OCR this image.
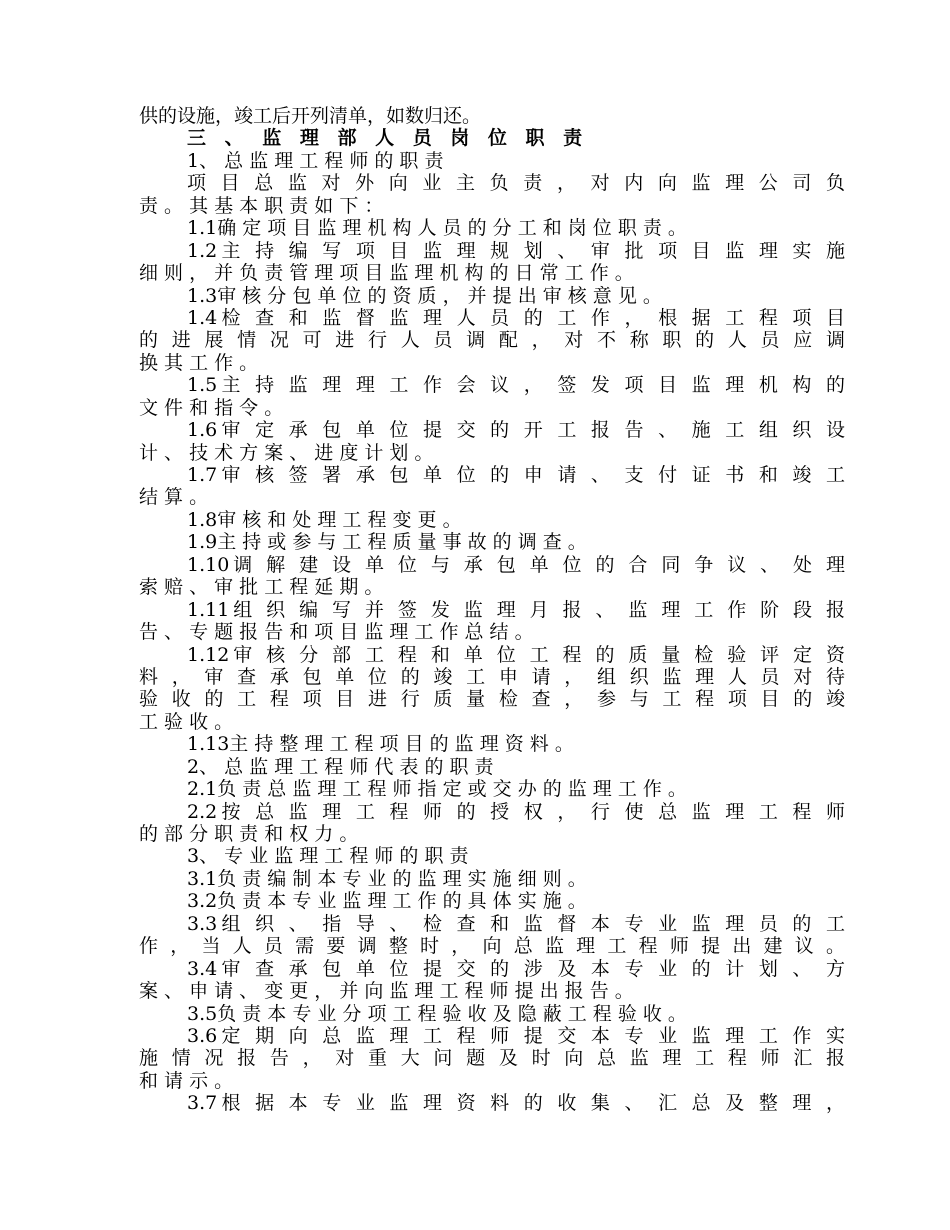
供的设施，竣工后开列清单，如数归还。
三 、 监 理 部 人 员 岗 位 职 责
1、 总 监 理 工 程 师 的 职 责
项 目 总 监 对 外 向 业 主 负 责 ， 对 内 向 监 理 公 司 负
责 。 其 基 本 职 责 如 下 ：
1.1确 定 项 目 监 理 机 构 人 员 的 分 工 和 岗 位 职 责 。
1.2主 持 编 写 项 目 监 理 规 划 、 审 批 项 目 监 理 实 施
细 则 ， 并 负 责 管 理 项 目 监 理 机 构 的 日 常 工 作 。
1.3审 核 分 包 单 位 的 资 质 ， 并 提 出 审 核 意 见 。
1.4检 查 和 监 督 监 理 人 员 的 工 作 ， 根 据 工 程 项 目
的 进 展 情 况 可 进 行 人 员 调 配 ， 对 不 称 职 的 人 员 应 调
换 其 工 作 。
1.5主 持 监 理 理 工 作 会 议 ， 签 发 项 目 监 理 机 构 的
文 件 和 指 令 。
1.6审 定 承 包 单 位 提 交 的 开 工 报 告 、 施 工 组 织 设
计 、 技 术 方 案 、 进 度 计 划 。
1.7审 核 签 署 承 包 单 位 的 申 请 、 支 付 证 书 和 竣 工
结 算 。
1.8审 核 和 处 理 工 程 变 更 。
1.9主 持 或 参 与 工 程 质 量 事 故 的 调 查 。
1.10调 解 建 设 单 位 与 承 包 单 位 的 合 同 争 议 、 处 理
索 赔 、 审 批 工 程 延 期 。
1.11组 织 编 写 并 签 发 监 理 月 报 、 监 理 工 作 阶 段 报
告 、 专 题 报 告 和 项 目 监 理 工 作 总 结 。
1.12审 核 分 部 工 程 和 单 位 工 程 的 质 量 检 验 评 定 资
料 ， 审 查 承 包 单 位 的 竣 工 申 请 ， 组 织 监 理 人 员 对 待
验 收 的 工 程 项 目 进 行 质 量 检 查 ， 参 与 工 程 项 目 的 竣
工 验 收 。
1.13主 持 整 理 工 程 项 目 的 监 理 资 料 。
2、 总 监 理 工 程 师 代 表 的 职 责
2.1负 责 总 监 理 工 程 师 指 定 或 交 办 的 监 理 工 作 。
2.2按 总 监 理 工 程 师 的 授 权 ， 行 使 总 监 理 工 程 师
的 部 分 职 责 和 权 力 。
3、 专 业 监 理 工 程 师 的 职 责
3.1负 责 编 制 本 专 业 的 监 理 实 施 细 则 。
3.2负 责 本 专 业 监 理 工 作 的 具 体 实 施 。
3.3组 织 、 指 导 、 检 查 和 监 督 本 专 业 监 理 员 的 工
作 ， 当 人 员 需 要 调 整 时 ， 向 总 监 理 工 程 师 提 出 建 议 。
3.4审 查 承 包 单 位 提 交 的 涉 及 本 专 业 的 计 划 、 方
案 、 申 请 、 变 更 ， 并 向 监 理 工 程 师 提 出 报 告 。
3.5负 责 本 专 业 分 项 工 程 验 收 及 隐 蔽 工 程 验 收 。
3.6定 期 向 总 监 理 工 程 师 提 交 本 专 业 监 理 工 作 实
施 情 况 报 告 ， 对 重 大 问 题 及 时 向 总 监 理 工 程 师 汇 报
和 请 示 。
3.7根 据 本 专 业 监 理 资 料 的 收 集 、 汇 总 及 整 理 ，
